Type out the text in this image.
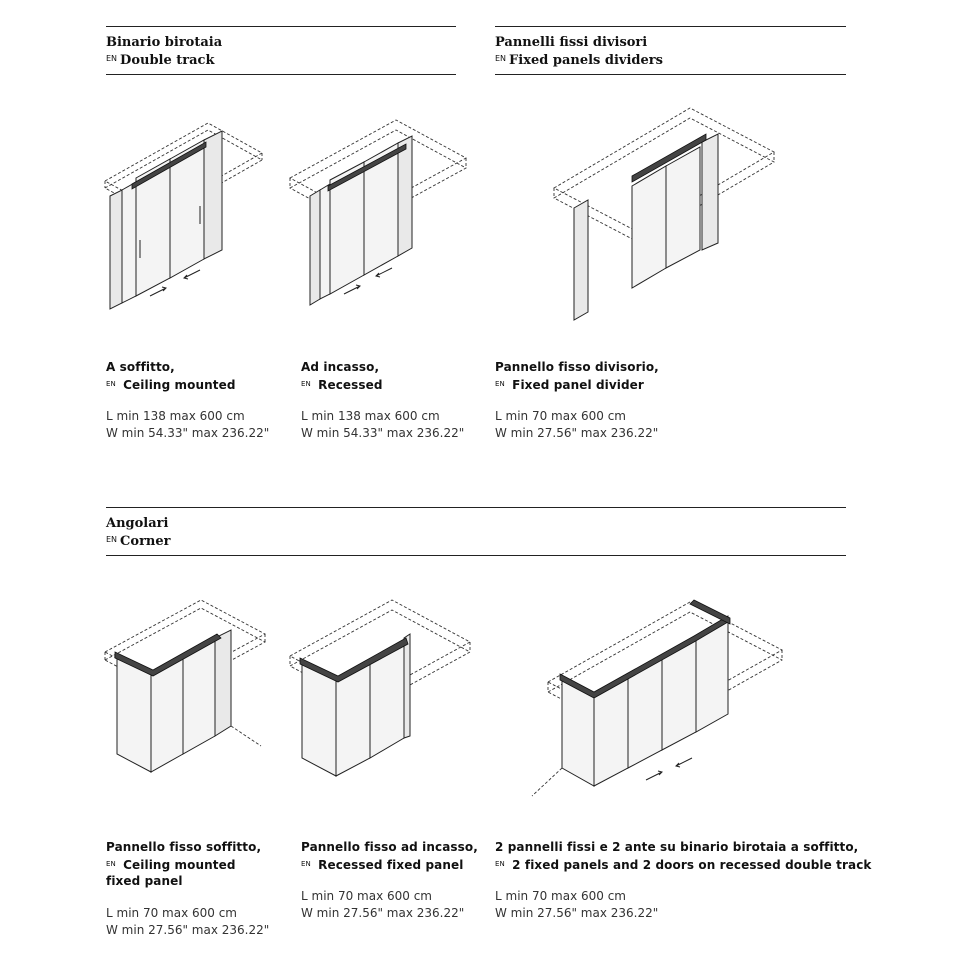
Binario birotaia
$^{EN}$ Double track
Pannelli fissi divisori
$^{EN}$ Fixed panels dividers
Angolari
$^{EN}$ Corner
A soffitto,
$^{EN}$ Ceiling mounted
L min 138 max 600 cm
W min 54.33" max 236.22"
Ad incasso,
$^{EN}$ Recessed
L min 138 max 600 cm
W min 54.33" max 236.22"
Pannello fisso divisorio,
$^{EN}$ Fixed panel divider
L min 70 max 600 cm
W min 27.56" max 236.22"
Pannello fisso soffitto,
$^{EN}$ Ceiling mounted
fixed panel
L min 70 max 600 cm
W min 27.56" max 236.22"
Pannello fisso ad incasso,
$^{EN}$ Recessed fixed panel
L min 70 max 600 cm
W min 27.56" max 236.22"
2 pannelli fissi e 2 ante su binario birotaia a soffitto,
$^{EN}$ 2 fixed panels and 2 doors on recessed double track
L min 70 max 600 cm
W min 27.56" max 236.22"
